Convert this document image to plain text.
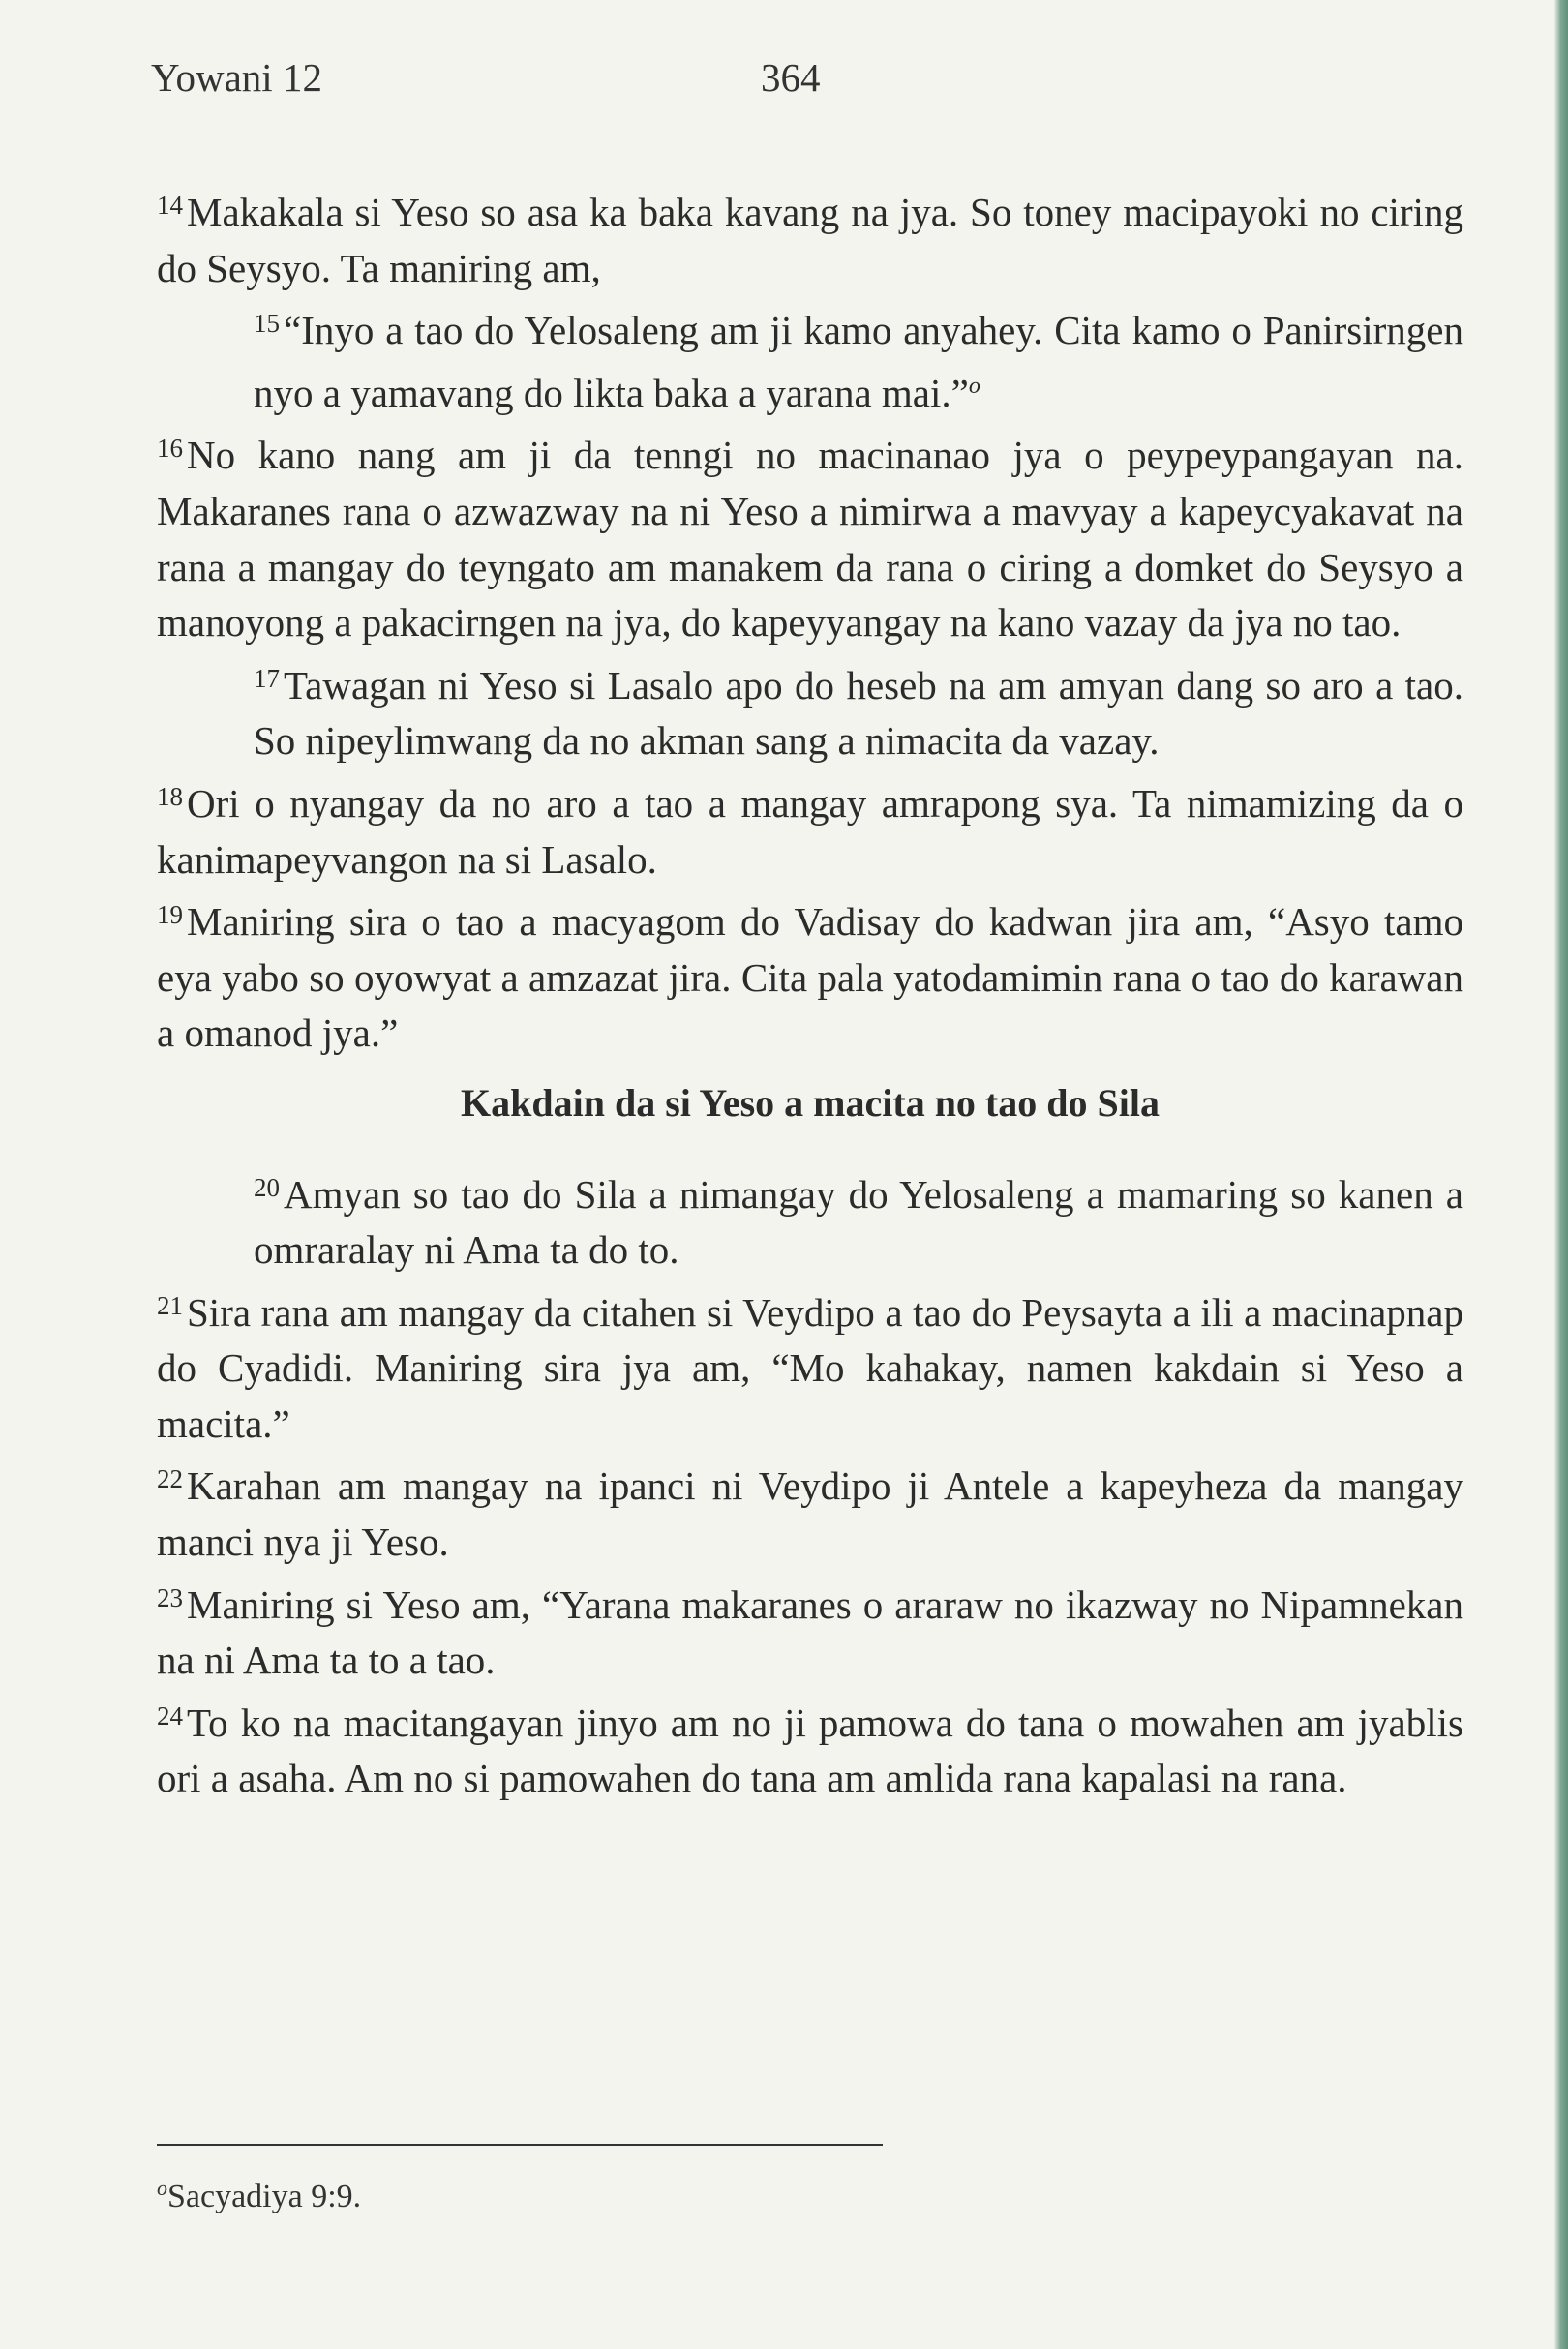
Yowani 12	364

$^{14}$Makakala si Yeso so asa ka baka kavang na jya. So toney macipayoki no ciring do Seysyo. Ta maniring am,

$^{15}$“Inyo a tao do Yelosaleng am ji kamo anyahey. Cita kamo o Panirsirngen nyo a yamavang do likta baka a yarana mai.”$^o$

$^{16}$No kano nang am ji da tenngi no macinanao jya o peypeypangayan na. Makaranes rana o azwazway na ni Yeso a nimirwa a mavyay a kapeycyakavat na rana a mangay do teyngato am manakem da rana o ciring a domket do Seysyo a manoyong a pakacirngen na jya, do kapeyyangay na kano vazay da jya no tao.

$^{17}$Tawagan ni Yeso si Lasalo apo do heseb na am amyan dang so aro a tao. So nipeylimwang da no akman sang a nimacita da vazay.

$^{18}$Ori o nyangay da no aro a tao a mangay amrapong sya. Ta nimamizing da o kanimapeyvangon na si Lasalo.

$^{19}$Maniring sira o tao a macyagom do Vadisay do kadwan jira am, “Asyo tamo eya yabo so oyowyat a amzazat jira. Cita pala yatodamimin rana o tao do karawan a omanod jya.”

Kakdain da si Yeso a macita no tao do Sila

$^{20}$Amyan so tao do Sila a nimangay do Yelosaleng a mamaring so kanen a omraralay ni Ama ta do to.

$^{21}$Sira rana am mangay da citahen si Veydipo a tao do Peysayta a ili a macinapnap do Cyadidi. Maniring sira jya am, “Mo kahakay, namen kakdain si Yeso a macita.”

$^{22}$Karahan am mangay na ipanci ni Veydipo ji Antele a kapeyheza da mangay manci nya ji Yeso.

$^{23}$Maniring si Yeso am, “Yarana makaranes o araraw no ikazway no Nipamnekan na ni Ama ta to a tao.

$^{24}$To ko na macitangayan jinyo am no ji pamowa do tana o mowahen am jyablis ori a asaha. Am no si pamowahen do tana am amlida rana kapalasi na rana.

$^o$Sacyadiya 9:9.
